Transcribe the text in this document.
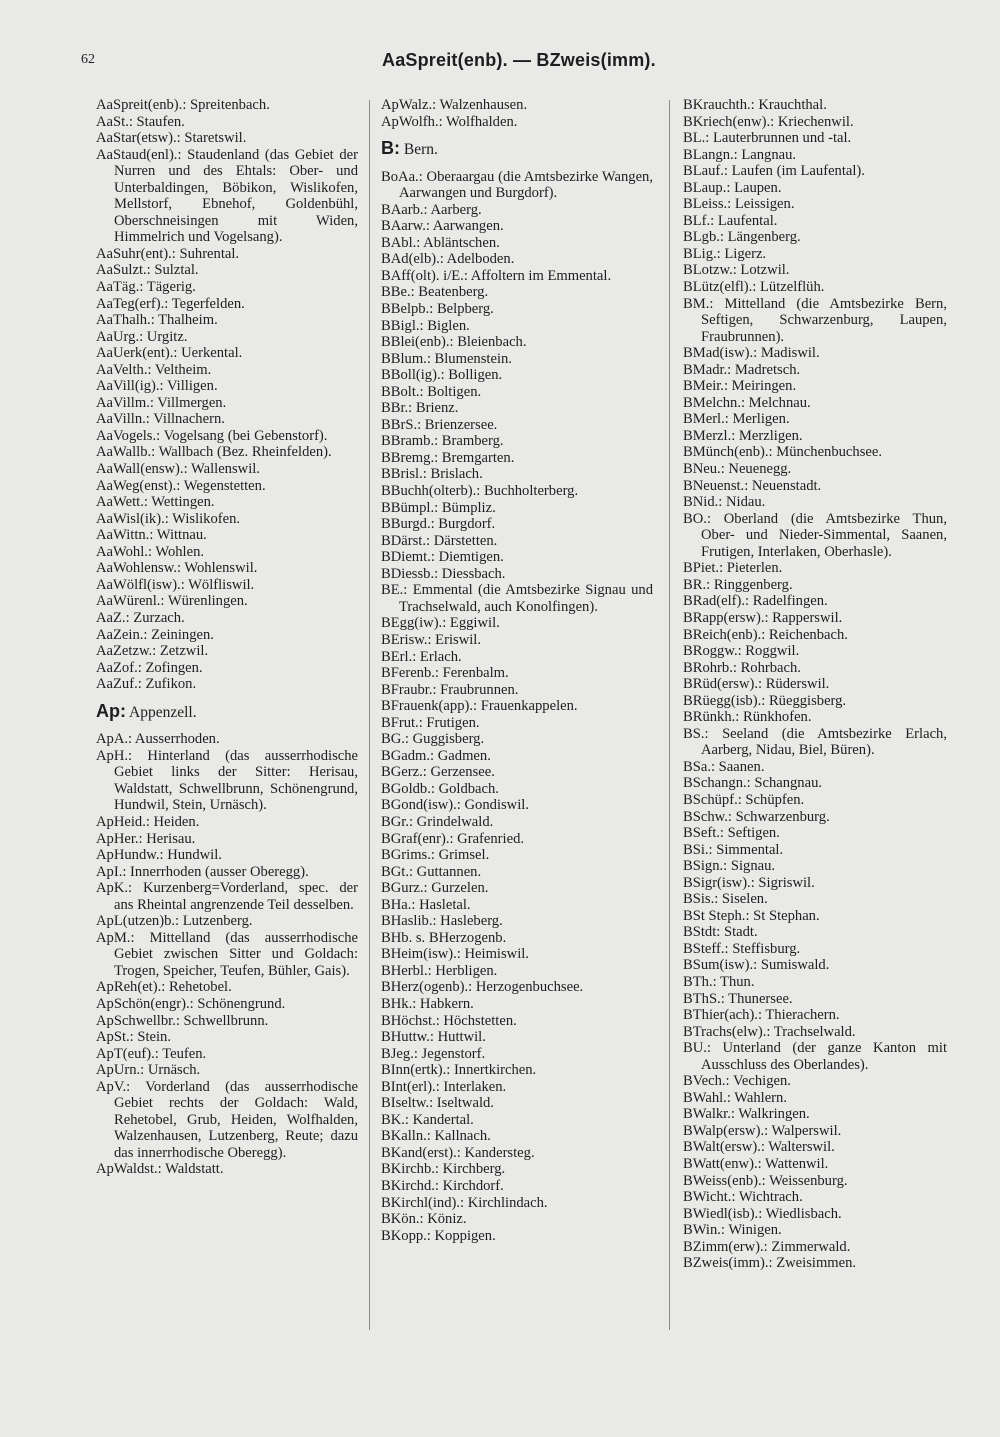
62	AaSpreit(enb). — BZweis(imm).
AaSpreit(enb).: Spreitenbach.
AaSt.: Staufen.
AaStar(etsw).: Staretswil.
AaStaud(enl).: Staudenland (das Gebiet der Nurren und des Ehtals: Ober- und Unterbaldingen, Böbikon, Wislikofen, Mellstorf, Ebnehof, Goldenbühl, Oberschneisingen mit Widen, Himmelrich und Vogelsang).
AaSuhr(ent).: Suhrental.
AaSulzt.: Sulztal.
AaTäg.: Tägerig.
AaTeg(erf).: Tegerfelden.
AaThalh.: Thalheim.
AaUrg.: Urgitz.
AaUerk(ent).: Uerkental.
AaVelth.: Veltheim.
AaVill(ig).: Villigen.
AaVillm.: Villmergen.
AaVilln.: Villnachern.
AaVogels.: Vogelsang (bei Gebenstorf).
AaWallb.: Wallbach (Bez. Rheinfelden).
AaWall(ensw).: Wallenswil.
AaWeg(enst).: Wegenstetten.
AaWett.: Wettingen.
AaWisl(ik).: Wislikofen.
AaWittn.: Wittnau.
AaWohl.: Wohlen.
AaWohlensw.: Wohlenswil.
AaWölfl(isw).: Wölfliswil.
AaWürenl.: Würenlingen.
AaZ.: Zurzach.
AaZein.: Zeiningen.
AaZetzw.: Zetzwil.
AaZof.: Zofingen.
AaZuf.: Zufikon.
Ap: Appenzell.
ApA.: Ausserrhoden.
ApH.: Hinterland (das ausserrhodische Gebiet links der Sitter: Herisau, Waldstatt, Schwellbrunn, Schönengrund, Hundwil, Stein, Urnäsch).
ApHeid.: Heiden.
ApHer.: Herisau.
ApHundw.: Hundwil.
ApI.: Innerrhoden (ausser Oberegg).
ApK.: Kurzenberg=Vorderland, spec. der ans Rheintal angrenzende Teil desselben.
ApL(utzen)b.: Lutzenberg.
ApM.: Mittelland (das ausserrhodische Gebiet zwischen Sitter und Goldach: Trogen, Speicher, Teufen, Bühler, Gais).
ApReh(et).: Rehetobel.
ApSchön(engr).: Schönengrund.
ApSchwellbr.: Schwellbrunn.
ApSt.: Stein.
ApT(euf).: Teufen.
ApUrn.: Urnäsch.
ApV.: Vorderland (das ausserrhodische Gebiet rechts der Goldach: Wald, Rehetobel, Grub, Heiden, Wolfhalden, Walzenhausen, Lutzenberg, Reute; dazu das innerrhodische Oberegg).
ApWaldst.: Waldstatt.
ApWalz.: Walzenhausen.
ApWolfh.: Wolfhalden.
B: Bern.
BoAa.: Oberaargau (die Amtsbezirke Wangen, Aarwangen und Burgdorf).
BAarb.: Aarberg.
BAarw.: Aarwangen.
BAbl.: Abläntschen.
BAd(elb).: Adelboden.
BAff(olt). i/E.: Affoltern im Emmental.
BBe.: Beatenberg.
BBelpb.: Belpberg.
BBigl.: Biglen.
BBlei(enb).: Bleienbach.
BBlum.: Blumenstein.
BBoll(ig).: Bolligen.
BBolt.: Boltigen.
BBr.: Brienz.
BBrS.: Brienzersee.
BBramb.: Bramberg.
BBremg.: Bremgarten.
BBrisl.: Brislach.
BBuchh(olterb).: Buchholterberg.
BBümpl.: Bümpliz.
BBurgd.: Burgdorf.
BDärst.: Därstetten.
BDiemt.: Diemtigen.
BDiessb.: Diessbach.
BE.: Emmental (die Amtsbezirke Signau und Trachselwald, auch Konolfingen).
BEgg(iw).: Eggiwil.
BErisw.: Eriswil.
BErl.: Erlach.
BFerenb.: Ferenbalm.
BFraubr.: Fraubrunnen.
BFrauenk(app).: Frauenkappelen.
BFrut.: Frutigen.
BG.: Guggisberg.
BGadm.: Gadmen.
BGerz.: Gerzensee.
BGoldb.: Goldbach.
BGond(isw).: Gondiswil.
BGr.: Grindelwald.
BGraf(enr).: Grafenried.
BGrims.: Grimsel.
BGt.: Guttannen.
BGurz.: Gurzelen.
BHa.: Hasletal.
BHaslib.: Hasleberg.
BHb. s. BHerzogenb.
BHeim(isw).: Heimiswil.
BHerbl.: Herbligen.
BHerz(ogenb).: Herzogenbuchsee.
BHk.: Habkern.
BHöchst.: Höchstetten.
BHuttw.: Huttwil.
BJeg.: Jegenstorf.
BInn(ertk).: Innertkirchen.
BInt(erl).: Interlaken.
BIseltw.: Iseltwald.
BK.: Kandertal.
BKalln.: Kallnach.
BKand(erst).: Kandersteg.
BKirchb.: Kirchberg.
BKirchd.: Kirchdorf.
BKirchl(ind).: Kirchlindach.
BKön.: Köniz.
BKopp.: Koppigen.
BKrauchth.: Krauchthal.
BKriech(enw).: Kriechenwil.
BL.: Lauterbrunnen und -tal.
BLangn.: Langnau.
BLauf.: Laufen (im Laufental).
BLaup.: Laupen.
BLeiss.: Leissigen.
BLf.: Laufental.
BLgb.: Längenberg.
BLig.: Ligerz.
BLotzw.: Lotzwil.
BLütz(elfl).: Lützelflüh.
BM.: Mittelland (die Amtsbezirke Bern, Seftigen, Schwarzenburg, Laupen, Fraubrunnen).
BMad(isw).: Madiswil.
BMadr.: Madretsch.
BMeir.: Meiringen.
BMelchn.: Melchnau.
BMerl.: Merligen.
BMerzl.: Merzligen.
BMünch(enb).: Münchenbuchsee.
BNeu.: Neuenegg.
BNeuenst.: Neuenstadt.
BNid.: Nidau.
BO.: Oberland (die Amtsbezirke Thun, Ober- und Nieder-Simmental, Saanen, Frutigen, Interlaken, Oberhasle).
BPiet.: Pieterlen.
BR.: Ringgenberg.
BRad(elf).: Radelfingen.
BRapp(ersw).: Rapperswil.
BReich(enb).: Reichenbach.
BRoggw.: Roggwil.
BRohrb.: Rohrbach.
BRüd(ersw).: Rüderswil.
BRüegg(isb).: Rüeggisberg.
BRünkh.: Rünkhofen.
BS.: Seeland (die Amtsbezirke Erlach, Aarberg, Nidau, Biel, Büren).
BSa.: Saanen.
BSchangn.: Schangnau.
BSchüpf.: Schüpfen.
BSchw.: Schwarzenburg.
BSeft.: Seftigen.
BSi.: Simmental.
BSign.: Signau.
BSigr(isw).: Sigriswil.
BSis.: Siselen.
BSt Steph.: St Stephan.
BStdt: Stadt.
BSteff.: Steffisburg.
BSum(isw).: Sumiswald.
BTh.: Thun.
BThS.: Thunersee.
BThier(ach).: Thierachern.
BTrachs(elw).: Trachselwald.
BU.: Unterland (der ganze Kanton mit Ausschluss des Oberlandes).
BVech.: Vechigen.
BWahl.: Wahlern.
BWalkr.: Walkringen.
BWalp(ersw).: Walperswil.
BWalt(ersw).: Walterswil.
BWatt(enw).: Wattenwil.
BWeiss(enb).: Weissenburg.
BWicht.: Wichtrach.
BWiedl(isb).: Wiedlisbach.
BWin.: Winigen.
BZimm(erw).: Zimmerwald.
BZweis(imm).: Zweisimmen.
